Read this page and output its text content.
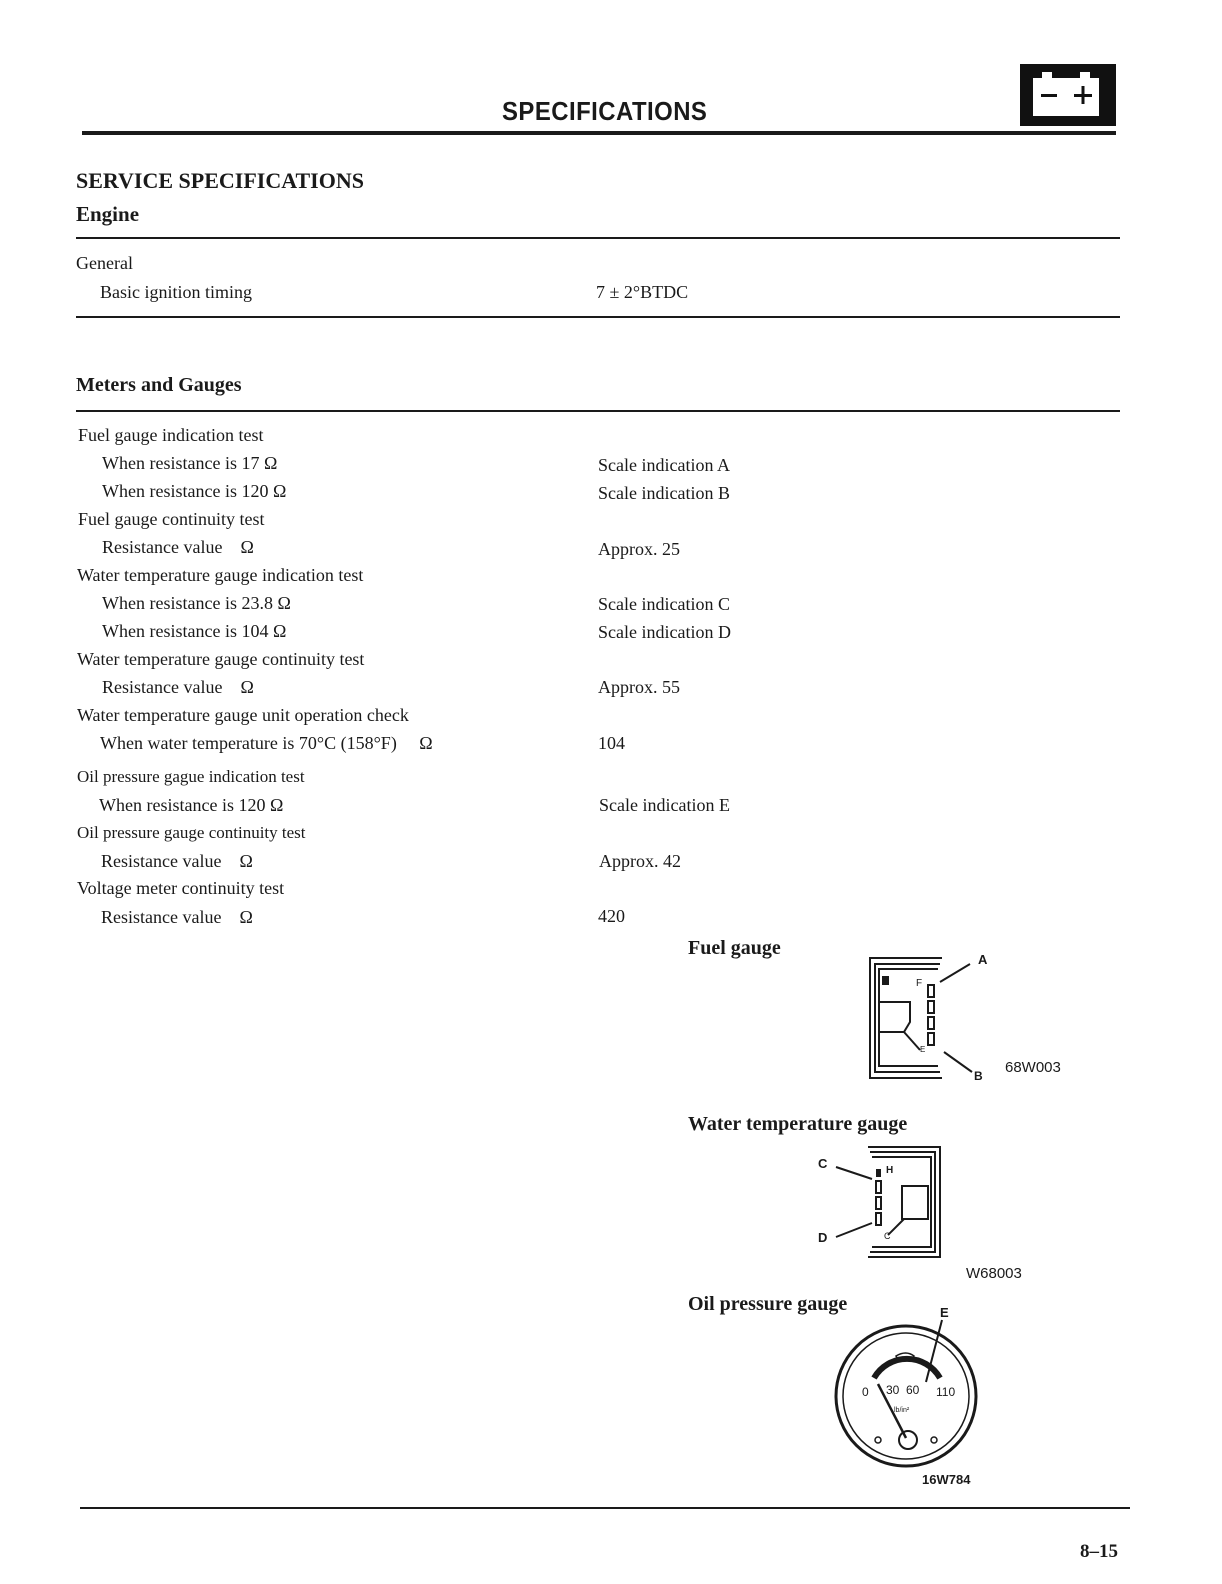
SPECIFICATIONS
SERVICE SPECIFICATIONS
Engine
General
Basic ignition timing	7 ± 2°BTDC
Meters and Gauges
Fuel gauge indication test
When resistance is 17 Ω	Scale indication A
When resistance is 120 Ω	Scale indication B
Fuel gauge continuity test
Resistance value    Ω	Approx. 25
Water temperature gauge indication test
When resistance is 23.8 Ω	Scale indication C
When resistance is 104 Ω	Scale indication D
Water temperature gauge continuity test
Resistance value    Ω	Approx. 55
Water temperature gauge unit operation check
When water temperature is 70°C (158°F)     Ω	104
Oil pressure gague indication test
When resistance is 120 Ω	Scale indication E
Oil pressure gauge continuity test
Resistance value    Ω	Approx. 42
Voltage meter continuity test
Resistance value    Ω	420
Fuel gauge
F
E
A
B 68W003
Water temperature gauge
H
C
C
D
W68003
Oil pressure gauge	E
0 30 60 110
lb/in²
16W784
8–15
